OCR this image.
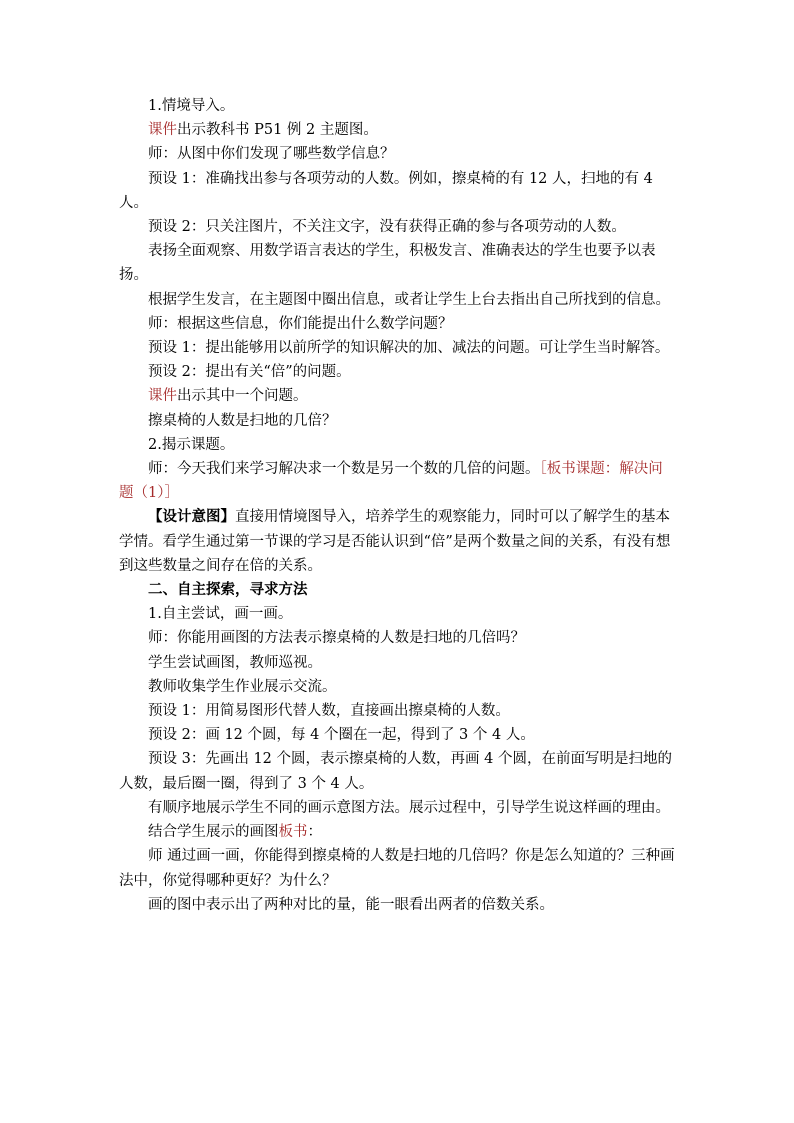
1.情境导入。

课件出示教科书 P51 例 2 主题图。

师：从图中你们发现了哪些数学信息？

预设 1：准确找出参与各项劳动的人数。例如，擦桌椅的有 12 人，扫地的有 4 人。

预设 2：只关注图片，不关注文字，没有获得正确的参与各项劳动的人数。

表扬全面观察、用数学语言表达的学生，积极发言、准确表达的学生也要予以表扬。

根据学生发言，在主题图中圈出信息，或者让学生上台去指出自己所找到的信息。

师：根据这些信息，你们能提出什么数学问题？

预设 1：提出能够用以前所学的知识解决的加、减法的问题。可让学生当时解答。

预设 2：提出有关“倍”的问题。

课件出示其中一个问题。

擦桌椅的人数是扫地的几倍？

2.揭示课题。

师：今天我们来学习解决求一个数是另一个数的几倍的问题。［板书课题：解决问题（1）］

【设计意图】直接用情境图导入，培养学生的观察能力，同时可以了解学生的基本学情。看学生通过第一节课的学习是否能认识到“倍”是两个数量之间的关系，有没有想到这些数量之间存在倍的关系。

二、自主探索，寻求方法

1.自主尝试，画一画。

师：你能用画图的方法表示擦桌椅的人数是扫地的几倍吗？

学生尝试画图，教师巡视。

教师收集学生作业展示交流。

预设 1：用简易图形代替人数，直接画出擦桌椅的人数。

预设 2：画 12 个圆，每 4 个圈在一起，得到了 3 个 4 人。

预设 3：先画出 12 个圆，表示擦桌椅的人数，再画 4 个圆，在前面写明是扫地的人数，最后圈一圈，得到了 3 个 4 人。

有顺序地展示学生不同的画示意图方法。展示过程中，引导学生说这样画的理由。

结合学生展示的画图板书：

师 通过画一画，你能得到擦桌椅的人数是扫地的几倍吗？你是怎么知道的？三种画法中，你觉得哪种更好？为什么？

画的图中表示出了两种对比的量，能一眼看出两者的倍数关系。
